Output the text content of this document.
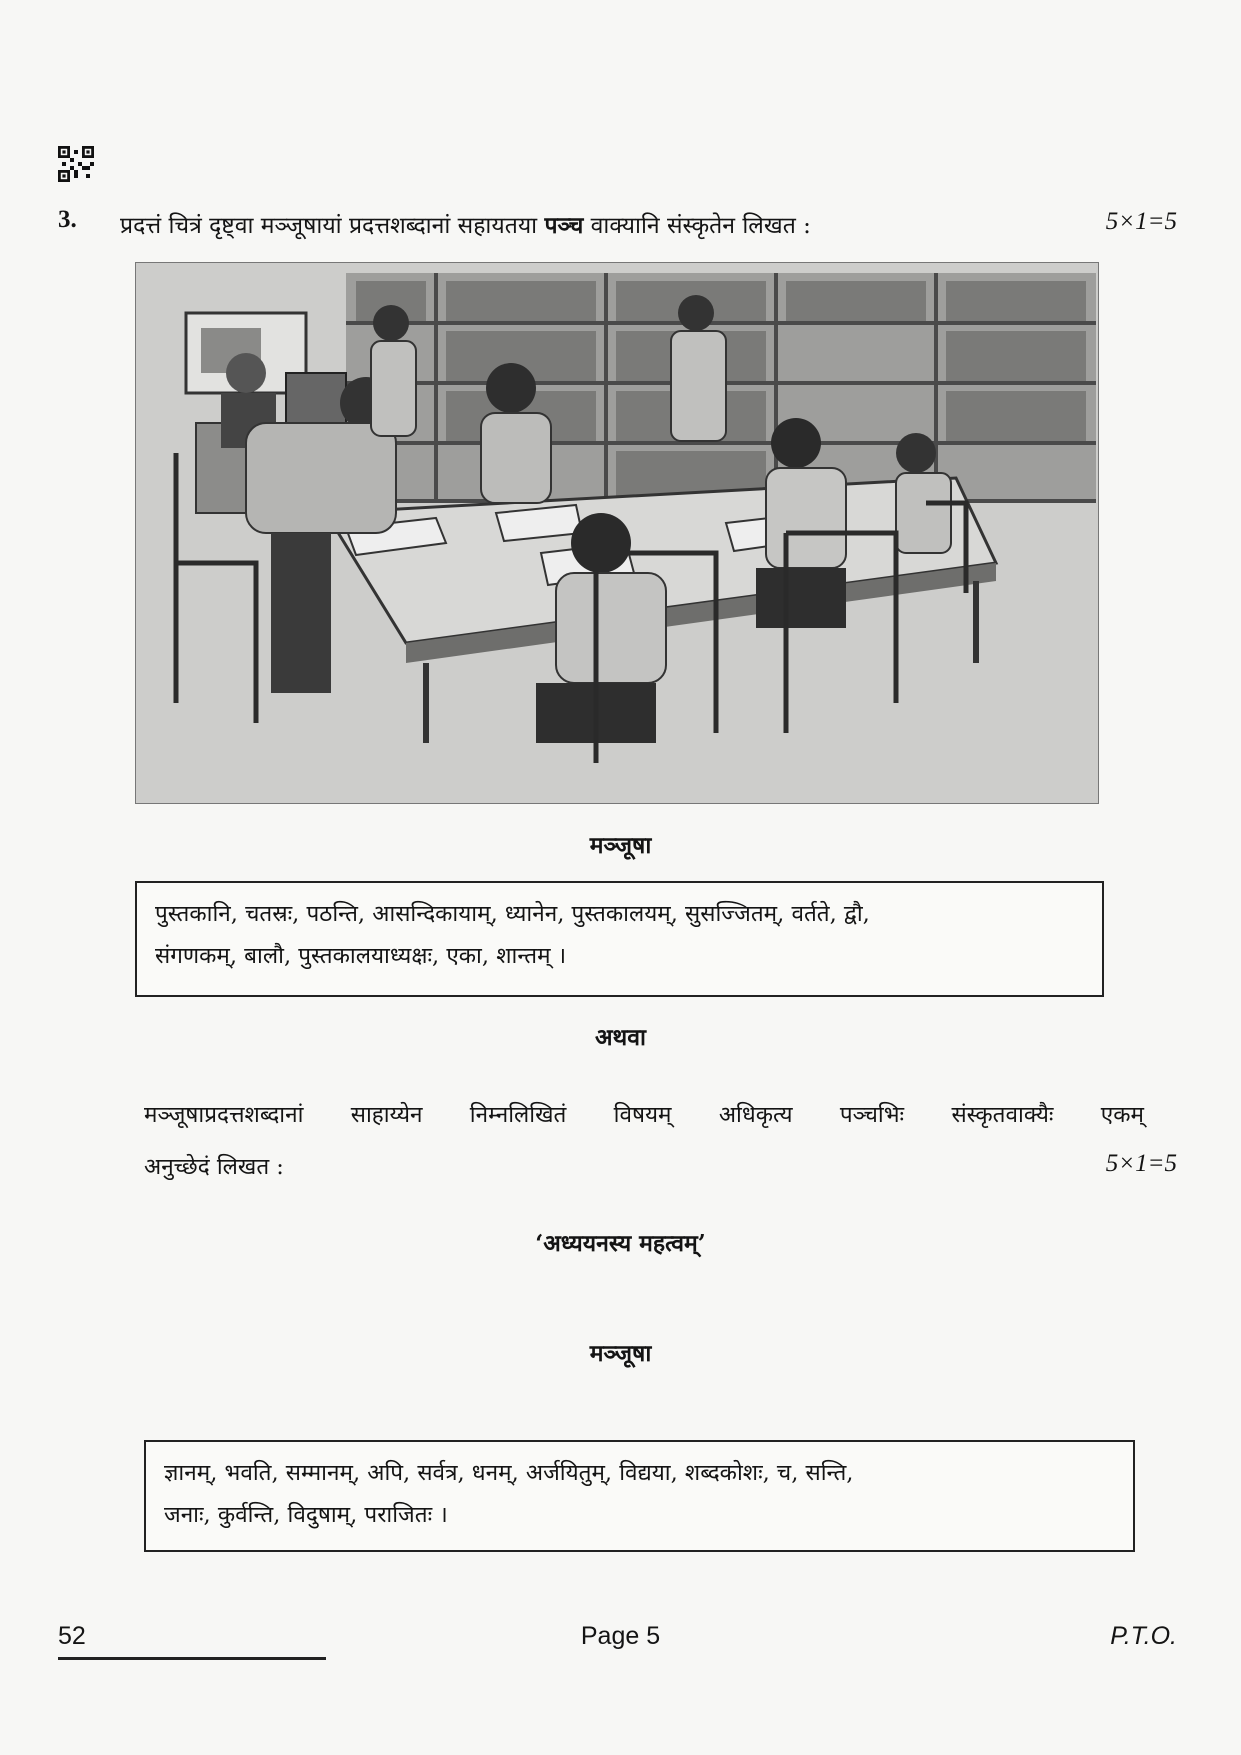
3. प्रदत्तं चित्रं दृष्ट्वा मञ्जूषायां प्रदत्तशब्दानां सहायतया पञ्च वाक्यानि संस्कृतेन लिखत :	5×1=5
मञ्जूषा
पुस्तकानि, चतस्रः, पठन्ति, आसन्दिकायाम्, ध्यानेन, पुस्तकालयम्, सुसज्जितम्, वर्तते, द्वौ,
संगणकम्, बालौ, पुस्तकालयाध्यक्षः, एका, शान्तम् ।
अथवा
मञ्जूषाप्रदत्तशब्दानां साहाय्येन निम्नलिखितं विषयम् अधिकृत्य पञ्चभिः संस्कृतवाक्यैः एकम्
अनुच्छेदं लिखत :	5×1=5
‘अध्ययनस्य महत्वम्’
मञ्जूषा
ज्ञानम्, भवति, सम्मानम्, अपि, सर्वत्र, धनम्, अर्जयितुम्, विद्यया, शब्दकोशः, च, सन्ति,
जनाः, कुर्वन्ति, विदुषाम्, पराजितः ।
52	Page 5	P.T.O.
